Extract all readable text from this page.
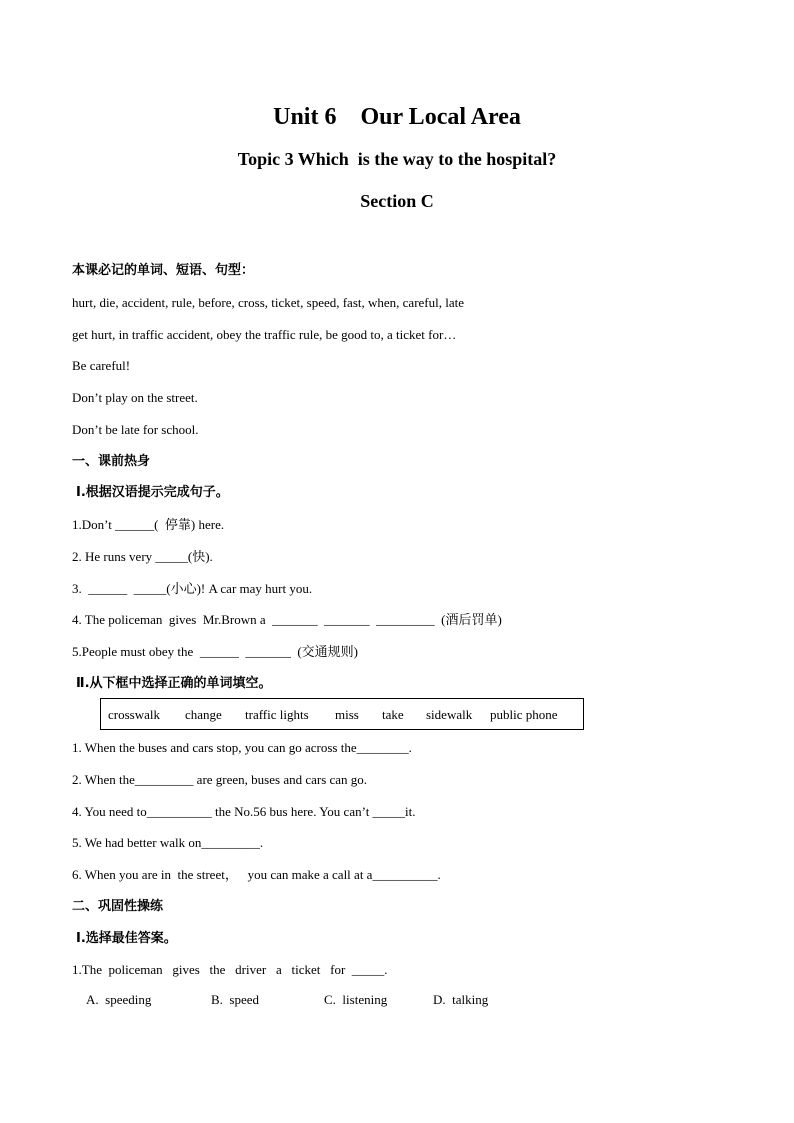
Unit 6    Our Local Area
Topic 3 Which  is the way to the hospital?
Section C
本课必记的单词、短语、句型：
hurt, die, accident, rule, before, cross, ticket, speed, fast, when, careful, late
get hurt, in traffic accident, obey the traffic rule, be good to, a ticket for…
Be careful!
Don’t play on the street.
Don’t be late for school.
一、课前热身
Ⅰ.根据汉语提示完成句子。
1.Don’t ______(  停靠) here.
2. He runs very _____(快).
3.  ______  _____(小心)! A car may hurt you.
4. The policeman  gives  Mr.Brown a  _______  _______  _________  (酒后罚单)
5.People must obey the  ______  _______  (交通规则)
Ⅱ.从下框中选择正确的单词填空。
crosswalk change traffic lights miss take sidewalk public phone
1. When the buses and cars stop, you can go across the________.
2. When the_________ are green, buses and cars can go.
4. You need to__________ the No.56 bus here. You can’t _____it.
5. We had better walk on_________.
6. When you are in  the street，   you can make a call at a__________.
二、巩固性操练
Ⅰ.选择最佳答案。
1.The  policeman   gives   the   driver   a   ticket   for  _____.
A.  speeding	B.  speed	C.  listening	D.  talking
